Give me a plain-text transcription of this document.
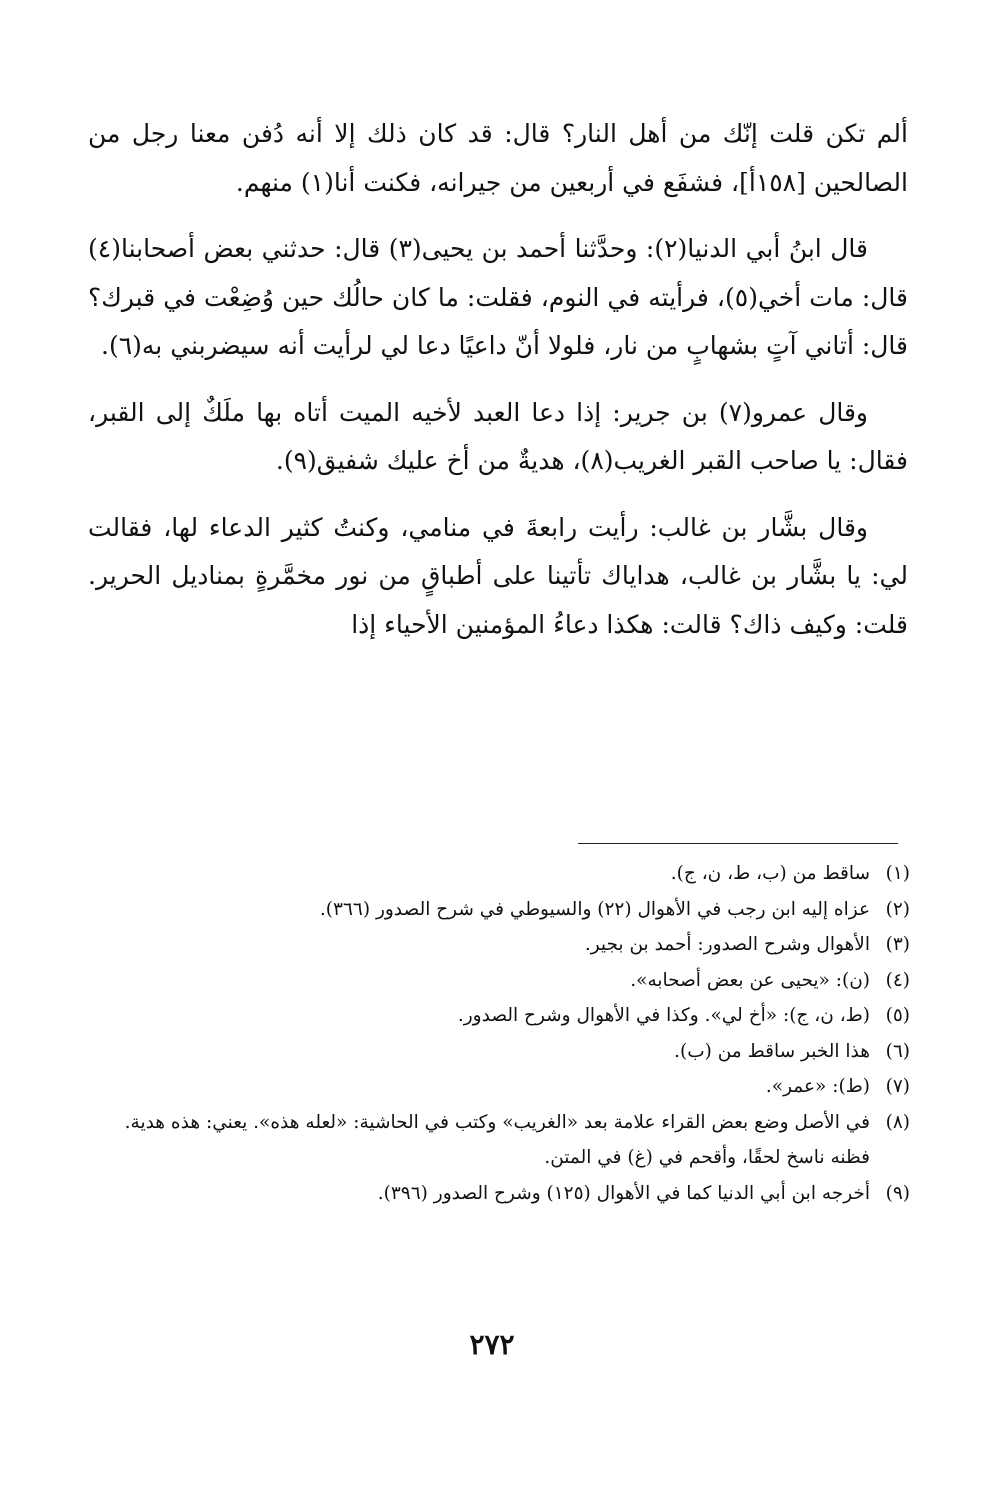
ألم تكن قلت إنّك من أهل النار؟ قال: قد كان ذلك إلا أنه دُفن معنا رجل من الصالحين [١٥٨أ]، فشفَع في أربعين من جيرانه، فكنت أنا(١) منهم.

قال ابنُ أبي الدنيا(٢): وحدَّثنا أحمد بن يحيى(٣) قال: حدثني بعض أصحابنا(٤) قال: مات أخي(٥)، فرأيته في النوم، فقلت: ما كان حالُك حين وُضِعْت في قبرك؟ قال: أتاني آتٍ بشهابٍ من نار، فلولا أنّ داعيًا دعا لي لرأيت أنه سيضربني به(٦).

وقال عمرو(٧) بن جرير: إذا دعا العبد لأخيه الميت أتاه بها ملَكٌ إلى القبر، فقال: يا صاحب القبر الغريب(٨)، هديةٌ من أخ عليك شفيق(٩).

وقال بشَّار بن غالب: رأيت رابعةَ في منامي، وكنتُ كثير الدعاء لها، فقالت لي: يا بشَّار بن غالب، هداياك تأتينا على أطباقٍ من نور مخمَّرةٍ بمناديل الحرير. قلت: وكيف ذاك؟ قالت: هكذا دعاءُ المؤمنين الأحياء إذا

(١)
ساقط من (ب، ط، ن، ج).
(٢)
عزاه إليه ابن رجب في الأهوال (٢٢) والسيوطي في شرح الصدور (٣٦٦).
(٣)
الأهوال وشرح الصدور: أحمد بن بجير.
(٤)
(ن): «يحيى عن بعض أصحابه».
(٥)
(ط، ن، ج): «أخ لي». وكذا في الأهوال وشرح الصدور.
(٦)
هذا الخبر ساقط من (ب).
(٧)
(ط): «عمر».
(٨)
في الأصل وضع بعض القراء علامة بعد «الغريب» وكتب في الحاشية: «لعله هذه». يعني: هذه هدية. فظنه ناسخ لحقًا، وأقحم في (غ) في المتن.
(٩)
أخرجه ابن أبي الدنيا كما في الأهوال (١٢٥) وشرح الصدور (٣٩٦).
٢٧٢
